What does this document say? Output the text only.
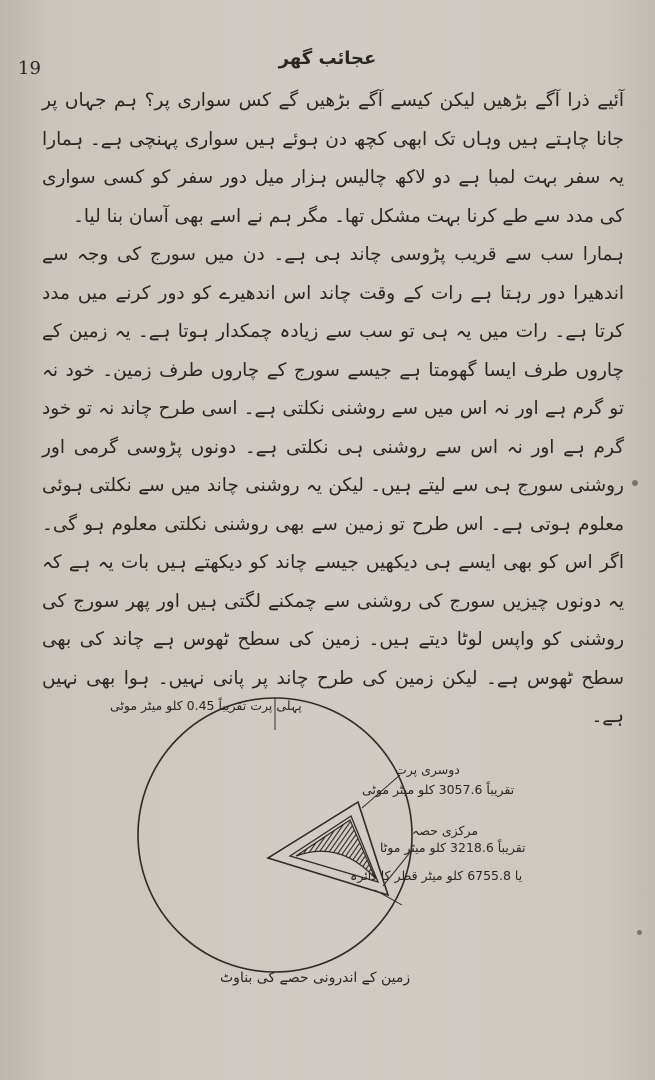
19	عجائب گھر

آئیے ذرا آگے بڑھیں لیکن کیسے آگے بڑھیں گے کس سواری پر؟ ہم جہاں پر جانا چاہتے ہیں وہاں تک ابھی کچھ دن ہوئے ہیں سواری پہنچی ہے۔ ہمارا یہ سفر بہت لمبا ہے دو لاکھ چالیس ہزار میل دور سفر کو کسی سواری کی مدد سے طے کرنا بہت مشکل تھا۔ مگر ہم نے اسے بھی آسان بنا لیا۔

ہمارا سب سے قریب پڑوسی چاند ہی ہے۔ دن میں سورج کی وجہ سے اندھیرا دور رہتا ہے رات کے وقت چاند اس اندھیرے کو دور کرنے میں مدد کرتا ہے۔ رات میں یہ ہی تو سب سے زیادہ چمکدار ہوتا ہے۔ یہ زمین کے چاروں طرف ایسا گھومتا ہے جیسے سورج کے چاروں طرف زمین۔ خود نہ تو گرم ہے اور نہ اس میں سے روشنی نکلتی ہے۔ اسی طرح چاند نہ تو خود گرم ہے اور نہ اس سے روشنی ہی نکلتی ہے۔ دونوں پڑوسی گرمی اور روشنی سورج ہی سے لیتے ہیں۔ لیکن یہ روشنی چاند میں سے نکلتی ہوئی معلوم ہوتی ہے۔ اس طرح تو زمین سے بھی روشنی نکلتی معلوم ہو گی۔ اگر اس کو بھی ایسے ہی دیکھیں جیسے چاند کو دیکھتے ہیں بات یہ ہے کہ یہ دونوں چیزیں سورج کی روشنی سے چمکنے لگتی ہیں اور پھر سورج کی روشنی کو واپس لوٹا دیتے ہیں۔ زمین کی سطح ٹھوس ہے چاند کی بھی سطح ٹھوس ہے۔ لیکن زمین کی طرح چاند پر پانی نہیں۔ ہوا بھی نہیں ہے۔

پہلی پرت تقریباً 0.45 کلو میٹر موٹی
دوسری پرت
تقریباً 3057.6 کلو میٹر موٹی
مرکزی حصہ
تقریباً 3218.6 کلو میٹر موٹا
یا 6755.8 کلو میٹر قطر کا دائرہ
زمین کے اندرونی حصے کی بناوٹ
